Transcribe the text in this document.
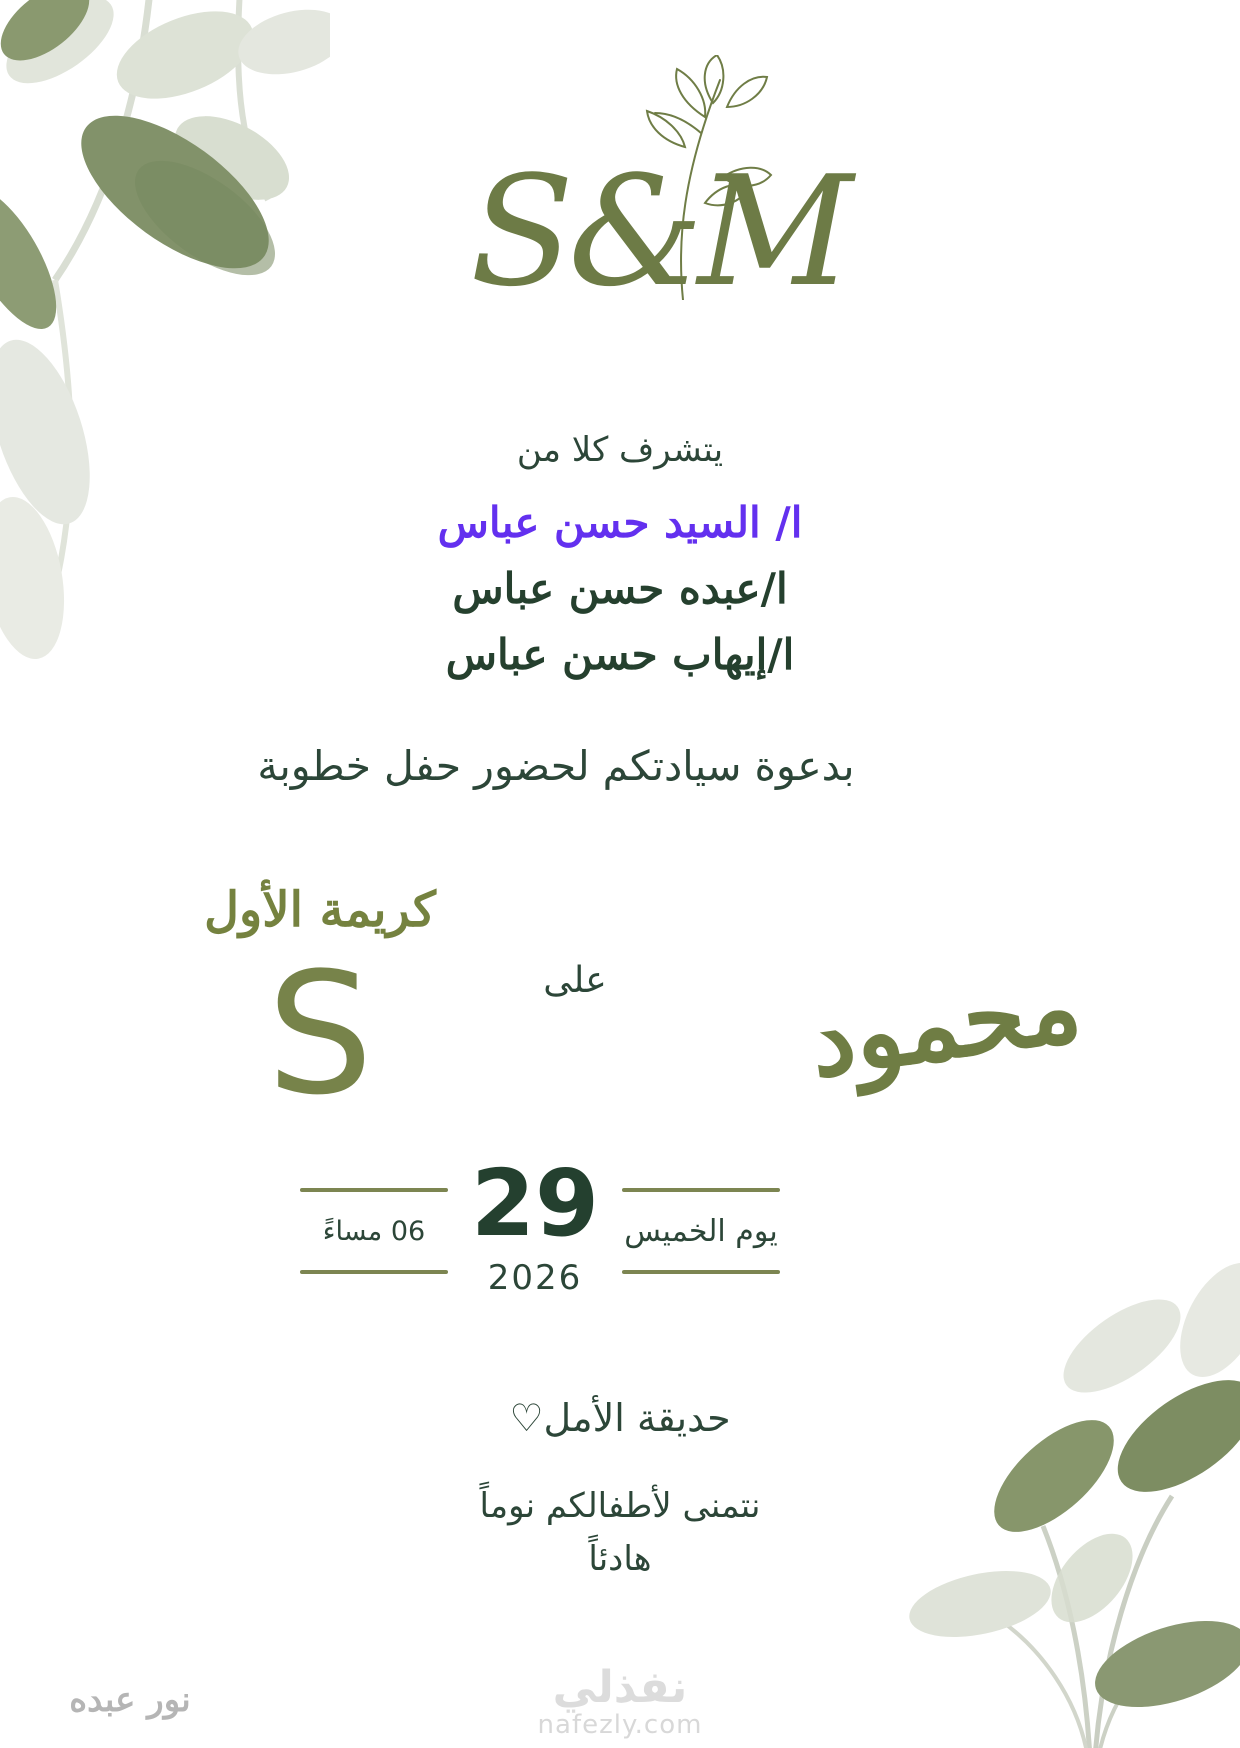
S&M
يتشرف كلا من
ا/ السيد حسن عباس
ا/عبده حسن عباس
ا/إيهاب حسن عباس
بدعوة سيادتكم لحضور حفل خطوبة
كريمة الأول
على
S	محمود
06 مساءً 29
2026
يوم الخميس
حديقة الأمل♡
نتمنى لأطفالكم نوماً
هادئاً
نور عبده	نفذلي
nafezly.com
